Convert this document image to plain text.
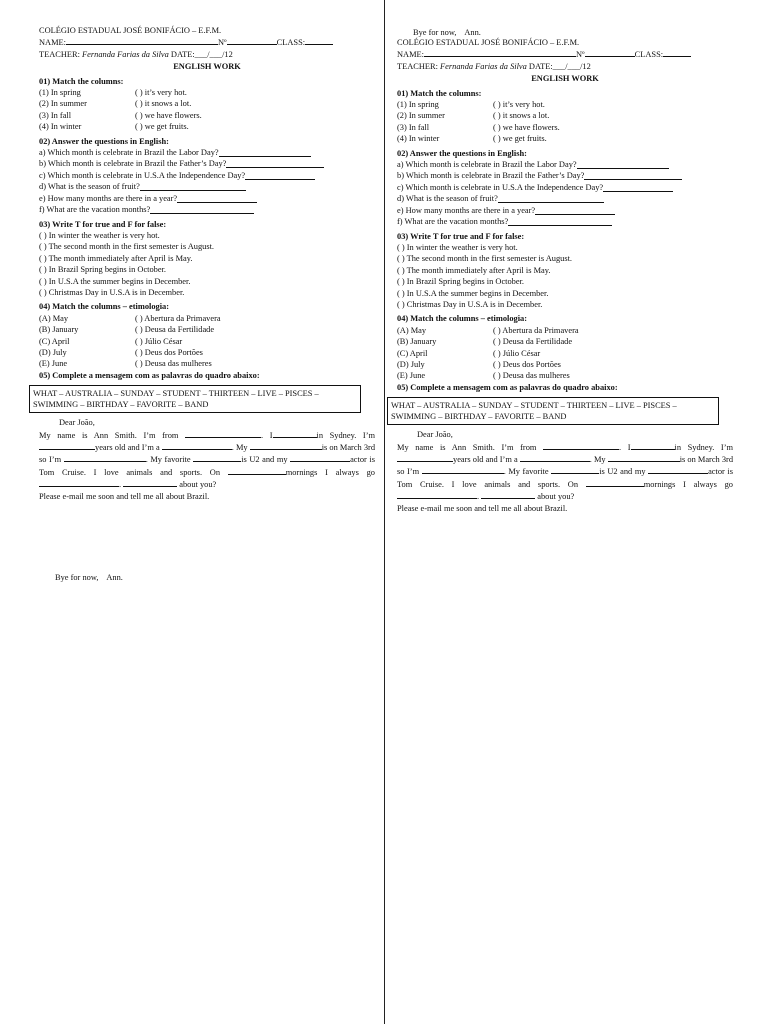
Bye for now,    Ann.
Bye for now,    Ann.
COLÉGIO ESTADUAL JOSÉ BONIFÁCIO – E.F.M.
NAME:	Nº	CLASS:
TEACHER: Fernanda Farias da Silva DATE:___/___/12
ENGLISH WORK
01) Match the columns:
(1) In spring	( ) it’s very hot.
(2) In summer	( ) it snows a lot.
(3) In fall	( ) we have flowers.
(4) In winter	( ) we get fruits.
02) Answer the questions in English:
a) Which month is celebrate in Brazil the Labor Day?
b) Which month is celebrate in Brazil the Father’s Day?
c) Which month is celebrate in U.S.A the Independence Day?
d) What is the season of fruit?
e) How many months are there in a year?
f) What are the vacation months?
03) Write T for true and F for false:
( ) In winter the weather is very hot.
( ) The second month in the first semester is August.
( ) The month immediately after April is May.
( ) In Brazil Spring begins in October.
( ) In U.S.A the summer begins in December.
( ) Christmas Day in U.S.A is in December.
04) Match the columns – etimologia:
(A) May	( ) Abertura da Primavera
(B) January	( ) Deusa da Fertilidade
(C) April	( ) Júlio César
(D) July	( ) Deus dos Portões
(E) June	( ) Deusa das mulheres
05) Complete a mensagem com as palavras do quadro abaixo:
WHAT – AUSTRALIA – SUNDAY – STUDENT – THIRTEEN – LIVE – PISCES – SWIMMING – BIRTHDAY – FAVORITE – BAND
Dear João,
My name is Ann Smith. I’m from	. I	in Sydney. I’myears old and I’m a	. My	is on March 3rd so I’m	. My favorite	is U2 and my	actor is Tom Cruise. I love animals and sports. On	mornings I always go .	about you?
Please e-mail me soon and tell me all about Brazil.
COLÉGIO ESTADUAL JOSÉ BONIFÁCIO – E.F.M.
NAME:	Nº	CLASS:
TEACHER: Fernanda Farias da Silva DATE:___/___/12
ENGLISH WORK
01) Match the columns:
(1) In spring	( ) it’s very hot.
(2) In summer	( ) it snows a lot.
(3) In fall	( ) we have flowers.
(4) In winter	( ) we get fruits.
02) Answer the questions in English:
a) Which month is celebrate in Brazil the Labor Day?
b) Which month is celebrate in Brazil the Father’s Day?
c) Which month is celebrate in U.S.A the Independence Day?
d) What is the season of fruit?
e) How many months are there in a year?
f) What are the vacation months?
03) Write T for true and F for false:
( ) In winter the weather is very hot.
( ) The second month in the first semester is August.
( ) The month immediately after April is May.
( ) In Brazil Spring begins in October.
( ) In U.S.A the summer begins in December.
( ) Christmas Day in U.S.A is in December.
04) Match the columns – etimologia:
(A) May	( ) Abertura da Primavera
(B) January	( ) Deusa da Fertilidade
(C) April	( ) Júlio César
(D) July	( ) Deus dos Portões
(E) June	( ) Deusa das mulheres
05) Complete a mensagem com as palavras do quadro abaixo:
WHAT – AUSTRALIA – SUNDAY – STUDENT – THIRTEEN – LIVE – PISCES – SWIMMING – BIRTHDAY – FAVORITE – BAND
Dear João,
My name is Ann Smith. I’m from	. I	in Sydney. I’myears old and I’m a	. My	is on March 3rd so I’m	. My favorite	is U2 and my	actor is Tom Cruise. I love animals and sports. On	mornings I always go .	about you?
Please e-mail me soon and tell me all about Brazil.
